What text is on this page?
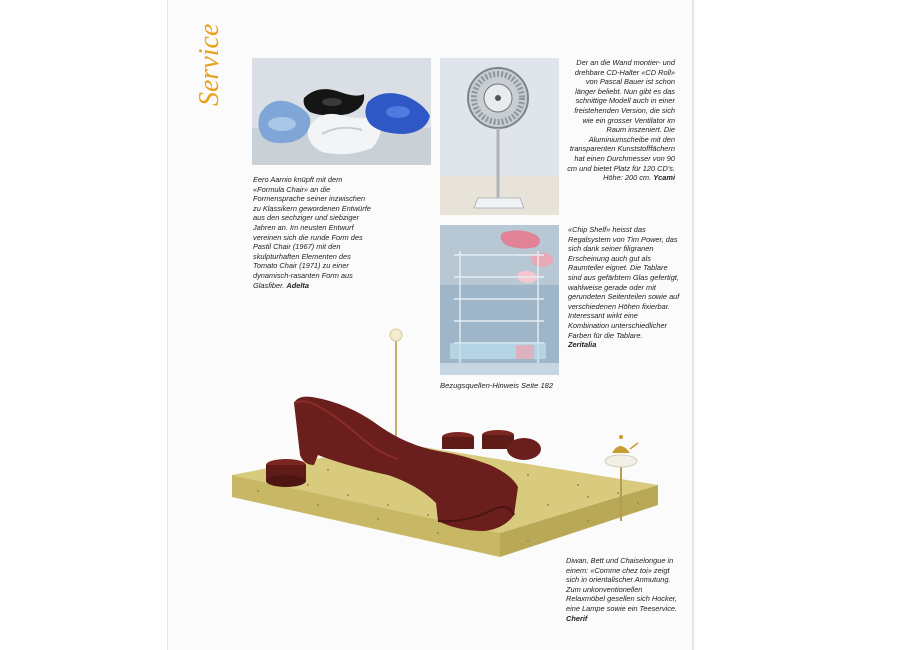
Service
Eero Aarnio knüpft mit dem «Formula Chair» an die Formensprache seiner inzwischen zu Klassikern gewordenen Entwürfe aus den sechziger und siebziger Jahren an. Im neusten Entwurf vereinen sich die runde Form des Pastil Chair (1967) mit den skulpturhaften Elementen des Tomato Chair (1971) zu einer dynamisch-rasanten Form aus Glasfiber. Adelta
Der an die Wand montier- und drehbare CD-Halter «CD Roll» von Pascal Bauer ist schon länger beliebt. Nun gibt es das schnittige Modell auch in einer freistehenden Version, die sich wie ein grosser Ventilator im Raum inszeniert. Die Aluminiumscheibe mit den transparenten Kunststofffächern hat einen Durchmesser von 90 cm und bietet Platz für 120 CD's. Höhe: 200 cm. Ycami
«Chip Shelf» heisst das Regalsystem von Tim Power, das sich dank seiner filigranen Erscheinung auch gut als Raumteiler eignet. Die Tablare sind aus gefärbtem Glas gefertigt, wahlweise gerade oder mit gerundeten Seitenteilen sowie auf verschiedenen Höhen fixierbar. Interessant wirkt eine Kombination unterschiedlicher Farben für die Tablare.
Zeritalia
Bezugsquellen-Hinweis Seite 182
Diwan, Bett und Chaiselongue in einem: «Comme chez toi» zeigt sich in orientalischer Anmutung. Zum unkonventionellen Relaxmöbel gesellen sich Hocker, eine Lampe sowie ein Teeservice.
Cherif
